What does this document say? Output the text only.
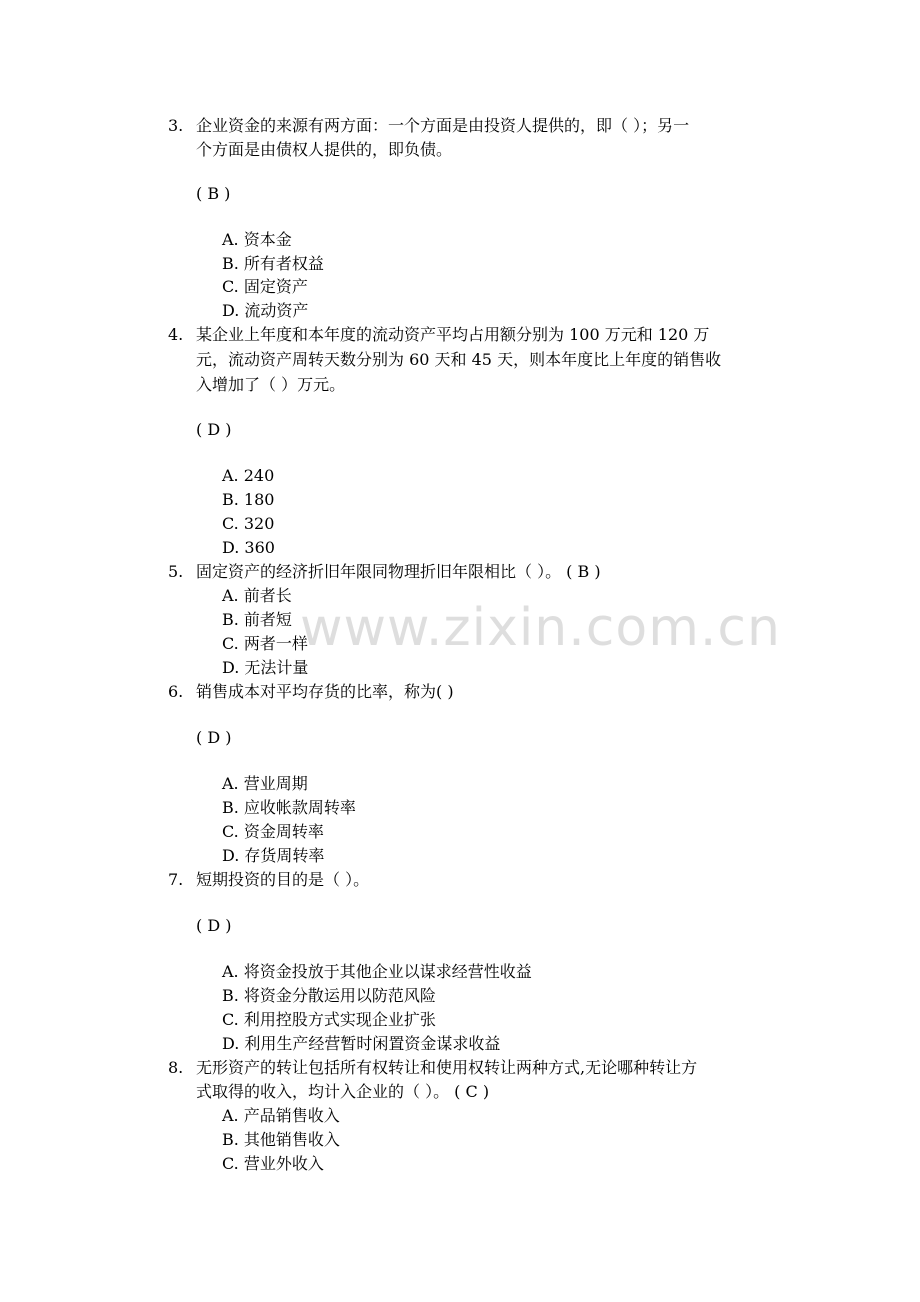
www.zixin.com.cn
3. 企业资金的来源有两方面：一个方面是由投资人提供的，即（ ）；另一
个方面是由债权人提供的，即负债。
( B )
A. 资本金
B. 所有者权益
C. 固定资产
D. 流动资产
4. 某企业上年度和本年度的流动资产平均占用额分别为 100 万元和 120 万
元，流动资产周转天数分别为 60 天和 45 天，则本年度比上年度的销售收
入增加了（ ）万元。
( D )
A. 240
B. 180
C. 320
D. 360
5. 固定资产的经济折旧年限同物理折旧年限相比（ ）。 ( B )
A. 前者长
B. 前者短
C. 两者一样
D. 无法计量
6. 销售成本对平均存货的比率，称为( )
( D )
A. 营业周期
B. 应收帐款周转率
C. 资金周转率
D. 存货周转率
7. 短期投资的目的是（ ）。
( D )
A. 将资金投放于其他企业以谋求经营性收益
B. 将资金分散运用以防范风险
C. 利用控股方式实现企业扩张
D. 利用生产经营暂时闲置资金谋求收益
8. 无形资产的转让包括所有权转让和使用权转让两种方式,无论哪种转让方
式取得的收入，均计入企业的（ ）。 ( C )
A. 产品销售收入
B. 其他销售收入
C. 营业外收入
